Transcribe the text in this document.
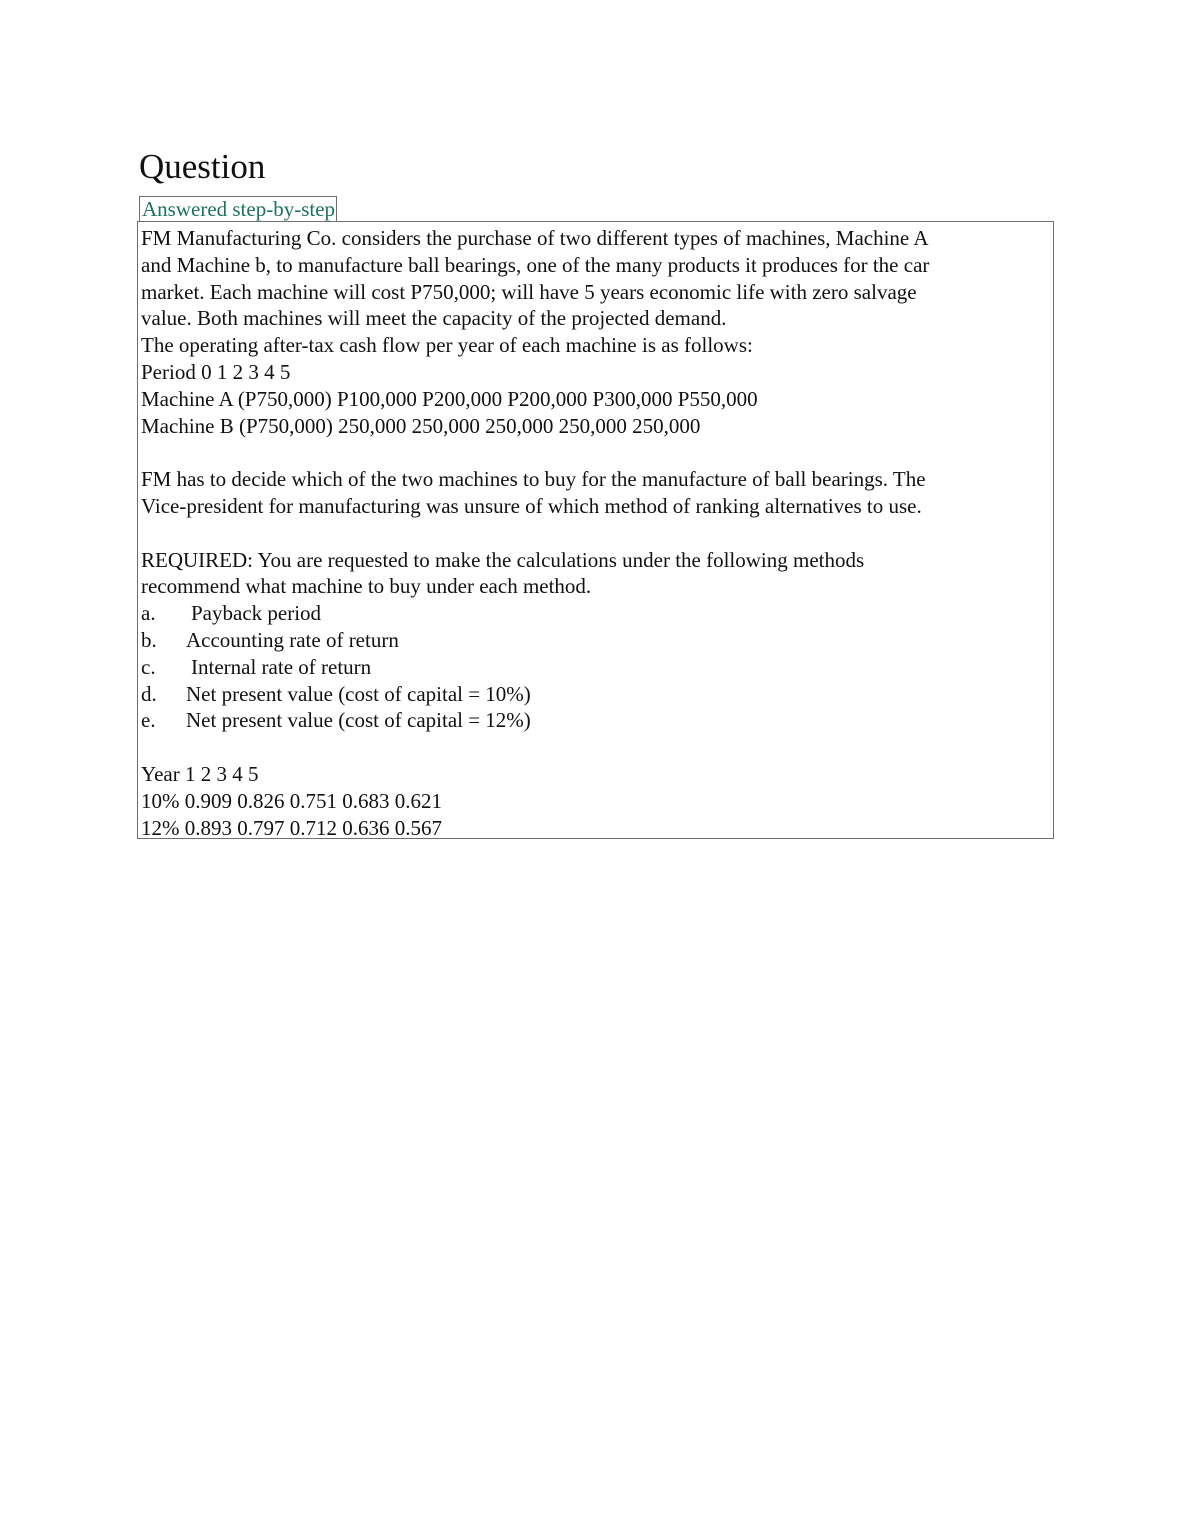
Question
Answered step-by-step
FM Manufacturing Co. considers the purchase of two different types of machines, Machine A
and Machine b, to manufacture ball bearings, one of the many products it produces for the car
market. Each machine will cost P750,000; will have 5 years economic life with zero salvage
value. Both machines will meet the capacity of the projected demand.
The operating after-tax cash flow per year of each machine is as follows:
Period 0 1 2 3 4 5
Machine A (P750,000) P100,000 P200,000 P200,000 P300,000 P550,000
Machine B (P750,000) 250,000 250,000 250,000 250,000 250,000
FM has to decide which of the two machines to buy for the manufacture of ball bearings. The
Vice-president for manufacturing was unsure of which method of ranking alternatives to use.
REQUIRED: You are requested to make the calculations under the following methods
recommend what machine to buy under each method.
a. Payback period
b. Accounting rate of return
c. Internal rate of return
d. Net present value (cost of capital = 10%)
e. Net present value (cost of capital = 12%)
Year 1 2 3 4 5
10% 0.909 0.826 0.751 0.683 0.621
12% 0.893 0.797 0.712 0.636 0.567
